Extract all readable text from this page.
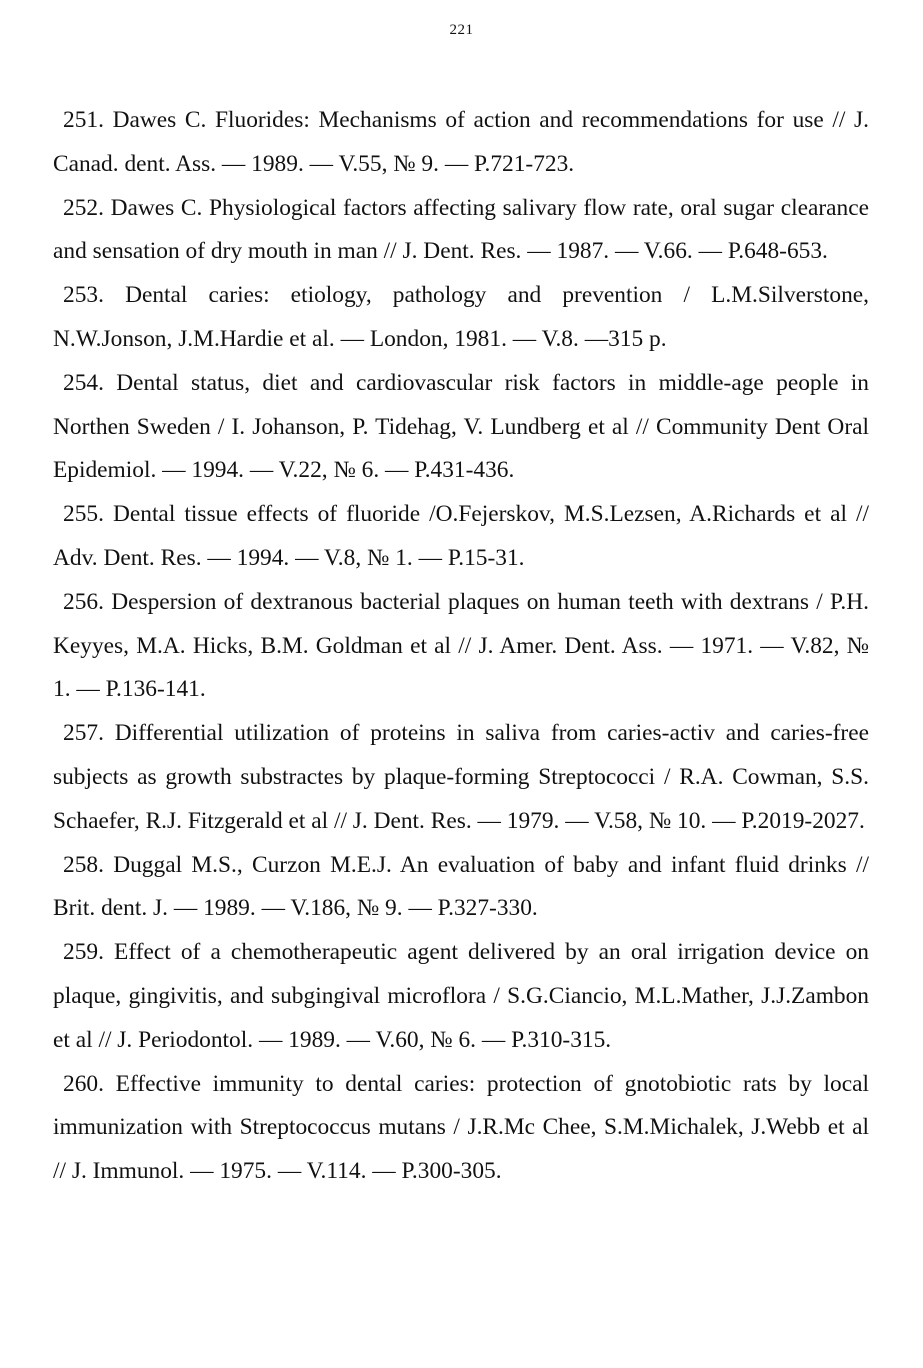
221

251. Dawes C. Fluorides: Mechanisms of action and recommendations for use // J. Canad. dent. Ass. — 1989. — V.55, № 9. — P.721-723.

252. Dawes C. Physiological factors affecting salivary flow rate, oral sugar clearance and sensation of dry mouth in man // J. Dent. Res. — 1987. — V.66. — P.648-653.

253. Dental caries: etiology, pathology and prevention / L.M.Silverstone, N.W.Jonson, J.M.Hardie et al. — London, 1981. — V.8. —315 p.

254. Dental status, diet and cardiovascular risk factors in middle-age people in Northen Sweden / I. Johanson, P. Tidehag, V. Lundberg et al // Community Dent Oral Epidemiol. — 1994. — V.22, № 6. — P.431-436.

255. Dental tissue effects of fluoride /O.Fejerskov, M.S.Lezsen, A.Richards et al // Adv. Dent. Res. — 1994. — V.8, № 1. — P.15-31.

256. Despersion of dextranous bacterial plaques on human teeth with dextrans / P.H. Keyyes, M.A. Hicks, B.M. Goldman et al // J. Amer. Dent. Ass. — 1971. — V.82, № 1. — P.136-141.

257. Differential utilization of proteins in saliva from caries-activ and caries-free subjects as growth substractes by plaque-forming Streptococci / R.A. Cowman, S.S. Schaefer, R.J. Fitzgerald et al // J. Dent. Res. — 1979. — V.58, № 10. — P.2019-2027.

258. Duggal M.S., Curzon M.E.J. An evaluation of baby and infant fluid drinks // Brit. dent. J. — 1989. — V.186, № 9. — P.327-330.

259. Effect of a chemotherapeutic agent delivered by an oral irrigation device on plaque, gingivitis, and subgingival microflora / S.G.Ciancio, M.L.Mather, J.J.Zambon et al // J. Periodontol. — 1989. — V.60, № 6. — P.310-315.

260. Effective immunity to dental caries: protection of gnotobiotic rats by local immunization with Streptococcus mutans / J.R.Mc Chee, S.M.Michalek, J.Webb et al // J. Immunol. — 1975. — V.114. — P.300-305.
